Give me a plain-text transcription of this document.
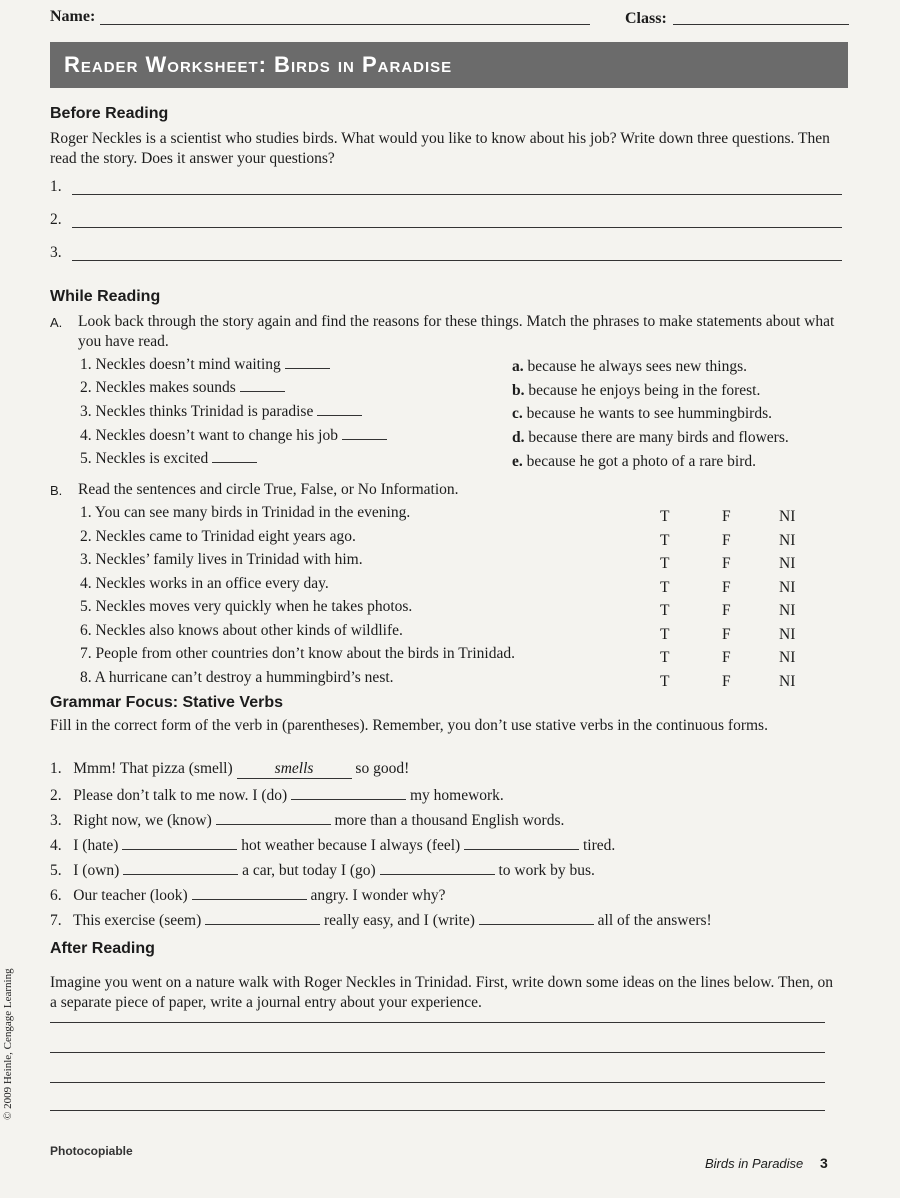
Name:	Class:
Reader Worksheet: Birds in Paradise
Before Reading
Roger Neckles is a scientist who studies birds. What would you like to know about his job? Write down three questions. Then read the story. Does it answer your questions?
1.
2.
3.
While Reading
A. Look back through the story again and find the reasons for these things. Match the phrases to make statements about what you have read.
1. Neckles doesn’t mind waiting
2. Neckles makes sounds
3. Neckles thinks Trinidad is paradise
4. Neckles doesn’t want to change his job
5. Neckles is excited
a. because he always sees new things.
b. because he enjoys being in the forest.
c. because he wants to see hummingbirds.
d. because there are many birds and flowers.
e. because he got a photo of a rare bird.
B. Read the sentences and circle True, False, or No Information.
1. You can see many birds in Trinidad in the evening.	T	F	NI
2. Neckles came to Trinidad eight years ago.	T	F	NI
3. Neckles’ family lives in Trinidad with him.	T	F	NI
4. Neckles works in an office every day.	T	F	NI
5. Neckles moves very quickly when he takes photos.	T	F	NI
6. Neckles also knows about other kinds of wildlife.	T	F	NI
7. People from other countries don’t know about the birds in Trinidad.	T	F	NI
8. A hurricane can’t destroy a hummingbird’s nest.	T	F	NI
Grammar Focus: Stative Verbs
Fill in the correct form of the verb in (parentheses). Remember, you don’t use stative verbs in the continuous forms.
1. Mmm! That pizza (smell)	smells	so good!
2. Please don’t talk to me now. I (do)	my homework.
3. Right now, we (know)	more than a thousand English words.
4. I (hate)	hot weather because I always (feel)	tired.
5. I (own)	a car, but today I (go)	to work by bus.
6. Our teacher (look)	angry. I wonder why?
7. This exercise (seem)	really easy, and I (write)	all of the answers!
After Reading
Imagine you went on a nature walk with Roger Neckles in Trinidad. First, write down some ideas on the lines below. Then, on a separate piece of paper, write a journal entry about your experience.
© 2009 Heinle, Cengage Learning
Photocopiable
Birds in Paradise 3
